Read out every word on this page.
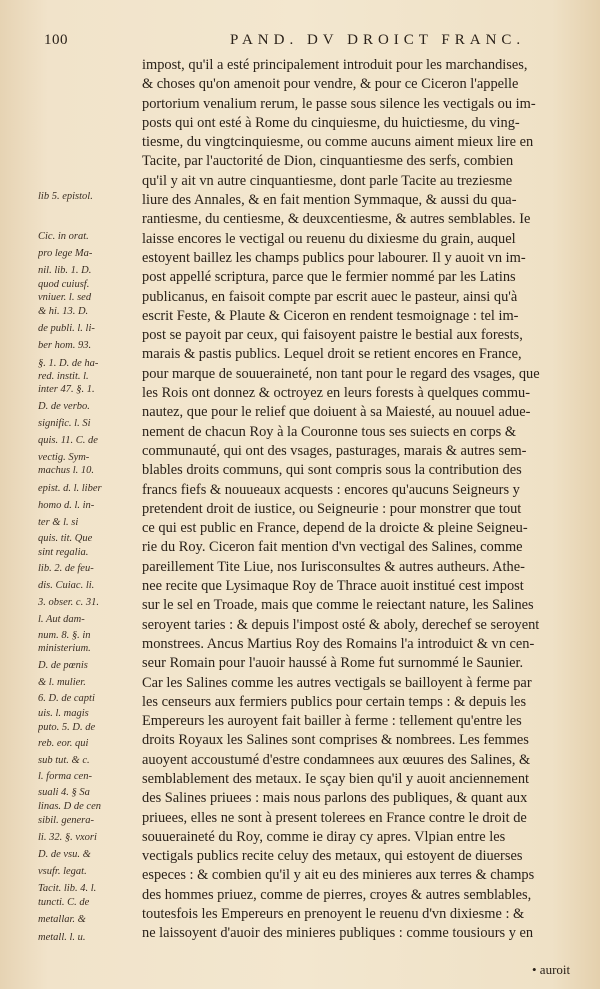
100	PAND. DV DROICT FRANC.
lib 5. epistol.
Cic. in orat.
pro lege Ma-
nil. lib. 1. D.
quod cuiusf.
vniuer. l. sed
& hi. 13. D.
de publi. l. li-
ber hom. 93.
§. 1. D. de ha-
red. instit. l.
inter 47. §. 1.
D. de verbo.
signific. l. Si
quis. 11. C. de
vectig. Sym-
machus l. 10.
epist. d. l. liber
homo d. l. in-
ter & l. si
quis. tit. Que
sint regalia.
lib. 2. de feu-
dis. Cuiac. li.
3. obser. c. 31.
l. Aut dam-
num. 8. §. in
ministerium.
D. de pœnis
& l. mulier.
6. D. de capti
uis. l. magis
puto. 5. D. de
reb. eor. qui
sub tut. & c.
l. forma cen-
suali 4. § Sa
linas. D de cen
sibil. genera-
li. 32. §. vxori
D. de vsu. &
vsufr. legat.
Tacit. lib. 4. l.
tuncti. C. de
metallar. &
metall. l. u.
impost, qu'il a esté principalement introduit pour les marchandises,
& choses qu'on amenoit pour vendre, & pour ce Ciceron l'appelle
portorium venalium rerum, le passe sous silence les vectigals ou im-
posts qui ont esté à Rome du cinquiesme, du huictiesme, du ving-
tiesme, du vingtcinquiesme, ou comme aucuns aiment mieux lire en
Tacite, par l'auctorité de Dion, cinquantiesme des serfs, combien
qu'il y ait vn autre cinquantiesme, dont parle Tacite au treziesme
liure des Annales, & en fait mention Symmaque, & aussi du qua-
rantiesme, du centiesme, & deuxcentiesme, & autres semblables. Ie
laisse encores le vectigal ou reuenu du dixiesme du grain, auquel
estoyent baillez les champs publics pour labourer. Il y auoit vn im-
post appellé scriptura, parce que le fermier nommé par les Latins
publicanus, en faisoit compte par escrit auec le pasteur, ainsi qu'à
escrit Feste, & Plaute & Ciceron en rendent tesmoignage : tel im-
post se payoit par ceux, qui faisoyent paistre le bestial aux forests,
marais & pastis publics. Lequel droit se retient encores en France,
pour marque de souueraineté, non tant pour le regard des vsages, que
les Rois ont donnez & octroyez en leurs forests à quelques commu-
nautez, que pour le relief que doiuent à sa Maiesté, au nouuel adue-
nement de chacun Roy à la Couronne tous ses suiects en corps &
communauté, qui ont des vsages, pasturages, marais & autres sem-
blables droits communs, qui sont compris sous la contribution des
francs fiefs & nouueaux acquests : encores qu'aucuns Seigneurs y
pretendent droit de iustice, ou Seigneurie : pour monstrer que tout
ce qui est public en France, depend de la droicte & pleine Seigneu-
rie du Roy. Ciceron fait mention d'vn vectigal des Salines, comme
pareillement Tite Liue, nos Iurisconsultes & autres autheurs. Athe-
nee recite que Lysimaque Roy de Thrace auoit institué cest impost
sur le sel en Troade, mais que comme le reiectant nature, les Salines
seroyent taries : & depuis l'impost osté & aboly, derechef se seroyent
monstrees. Ancus Martius Roy des Romains l'a introduict & vn cen-
seur Romain pour l'auoir haussé à Rome fut surnommé le Saunier.
Car les Salines comme les autres vectigals se bailloyent à ferme par
les censeurs aux fermiers publics pour certain temps : & depuis les
Empereurs les auroyent fait bailler à ferme : tellement qu'entre les
droits Royaux les Salines sont comprises & nombrees. Les femmes
auoyent accoustumé d'estre condamnees aux œuures des Salines, &
semblablement des metaux. Ie sçay bien qu'il y auoit anciennement
des Salines priuees : mais nous parlons des publiques, & quant aux
priuees, elles ne sont à present tolerees en France contre le droit de
souueraineté du Roy, comme ie diray cy apres. Vlpian entre les
vectigals publics recite celuy des metaux, qui estoyent de diuerses
especes : & combien qu'il y ait eu des minieres aux terres & champs
des hommes priuez, comme de pierres, croyes & autres semblables,
toutesfois les Empereurs en prenoyent le reuenu d'vn dixiesme : &
ne laissoyent d'auoir des minieres publiques : comme tousiours y en
• auroit
